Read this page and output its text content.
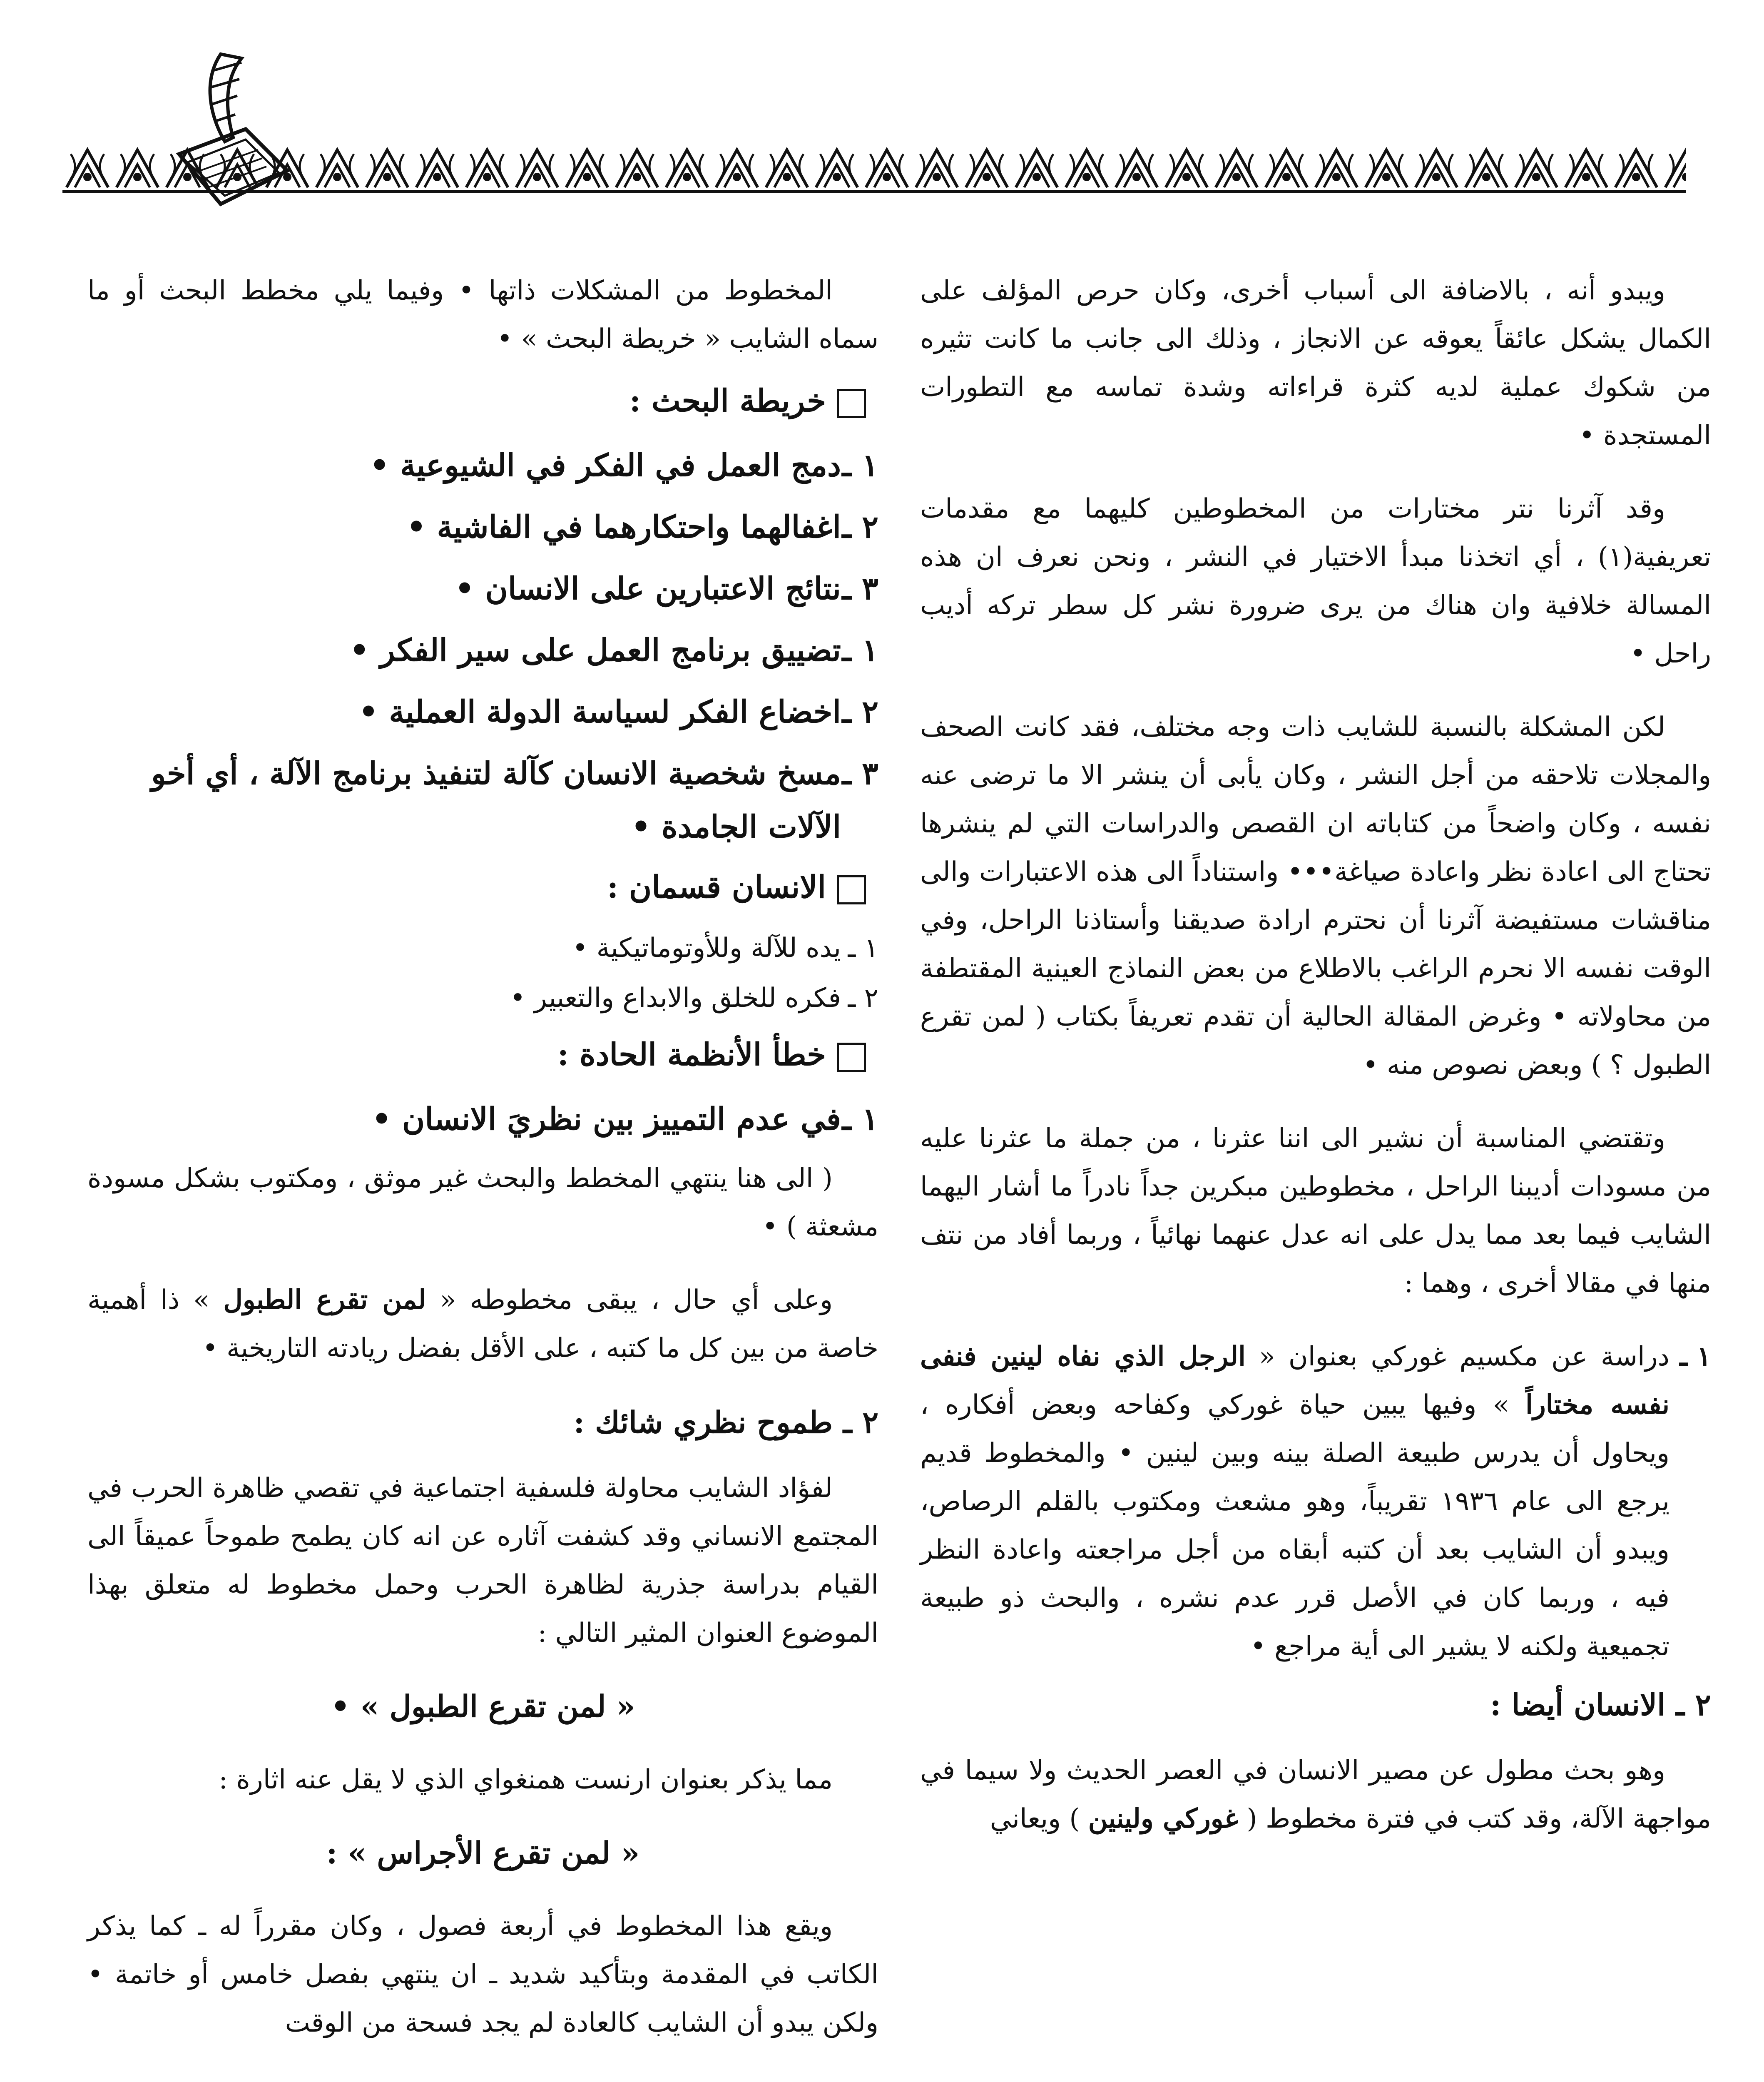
ويبدو أنه ، بالاضافة الى أسباب أخرى، وكان حرص المؤلف على الكمال يشكل عائقاً يعوقه عن الانجاز ، وذلك الى جانب ما كانت تثيره من شكوك عملية لديه كثرة قراءاته وشدة تماسه مع التطورات المستجدة •

وقد آثرنا نتر مختارات من المخطوطين كليهما مع مقدمات تعريفية(١) ، أي اتخذنا مبدأ الاختيار في النشر ، ونحن نعرف ان هذه المسالة خلافية وان هناك من يرى ضرورة نشر كل سطر تركه أديب راحل •

لكن المشكلة بالنسبة للشايب ذات وجه مختلف، فقد كانت الصحف والمجلات تلاحقه من أجل النشر ، وكان يأبى أن ينشر الا ما ترضى عنه نفسه ، وكان واضحاً من كتاباته ان القصص والدراسات التي لم ينشرها تحتاج الى اعادة نظر واعادة صياغة••• واستناداً الى هذه الاعتبارات والى مناقشات مستفيضة آثرنا أن نحترم ارادة صديقنا وأستاذنا الراحل، وفي الوقت نفسه الا نحرم الراغب بالاطلاع من بعض النماذج العينية المقتطفة من محاولاته • وغرض المقالة الحالية أن تقدم تعريفاً بكتاب ( لمن تقرع الطبول ؟ ) وبعض نصوص منه •

وتقتضي المناسبة أن نشير الى اننا عثرنا ، من جملة ما عثرنا عليه من مسودات أديبنا الراحل ، مخطوطين مبكرين جداً نادراً ما أشار اليهما الشايب فيما بعد مما يدل على انه عدل عنهما نهائياً ، وربما أفاد من نتف منها في مقالا أخرى ، وهما :

١ ـ
دراسة عن مكسيم غوركي بعنوان « الرجل الذي نفاه لينين فنفى نفسه مختاراً » وفيها يبين حياة غوركي وكفاحه وبعض أفكاره ، ويحاول أن يدرس طبيعة الصلة بينه وبين لينين • والمخطوط قديم يرجع الى عام ١٩٣٦ تقريباً، وهو مشعث ومكتوب بالقلم الرصاص، ويبدو أن الشايب بعد أن كتبه أبقاه من أجل مراجعته واعادة النظر فيه ، وربما كان في الأصل قرر عدم نشره ، والبحث ذو طبيعة تجميعية ولكنه لا يشير الى أية مراجع •
٢ ـ الانسان أيضا :

وهو بحث مطول عن مصير الانسان في العصر الحديث ولا سيما في مواجهة الآلة، وقد كتب في فترة مخطوط ( غوركي ولينين ) ويعاني

المخطوط من المشكلات ذاتها • وفيما يلي مخطط البحث أو ما سماه الشايب « خريطة البحث » •

خريطة البحث :
١ ـ
دمج العمل في الفكر في الشيوعية •
٢ ـ
اغفالهما واحتكارهما في الفاشية •
٣ ـ
نتائج الاعتبارين على الانسان •
١ ـ
تضييق برنامج العمل على سير الفكر •
٢ ـ
اخضاع الفكر لسياسة الدولة العملية •
٣ ـ
مسخ شخصية الانسان كآلة لتنفيذ برنامج الآلة ، أي أخو الآلات الجامدة •
الانسان قسمان :
١ ـ
يده للآلة وللأوتوماتيكية •
٢ ـ
فكره للخلق والابداع والتعبير •
خطأ الأنظمة الحادة :
١ ـ
في عدم التمييز بين نظريَ الانسان •

( الى هنا ينتهي المخطط والبحث غير موثق ، ومكتوب بشكل مسودة مشعثة ) •

وعلى أي حال ، يبقى مخطوطه « لمن تقرع الطبول » ذا أهمية خاصة من بين كل ما كتبه ، على الأقل بفضل ريادته التاريخية •

٢ ـ طموح نظري شائك :

لفؤاد الشايب محاولة فلسفية اجتماعية في تقصي ظاهرة الحرب في المجتمع الانساني وقد كشفت آثاره عن انه كان يطمح طموحاً عميقاً الى القيام بدراسة جذرية لظاهرة الحرب وحمل مخطوط له متعلق بهذا الموضوع العنوان المثير التالي :

« لمن تقرع الطبول » •

مما يذكر بعنوان ارنست همنغواي الذي لا يقل عنه اثارة :

« لمن تقرع الأجراس » :

ويقع هذا المخطوط في أربعة فصول ، وكان مقرراً له ـ كما يذكر الكاتب في المقدمة وبتأكيد شديد ـ ان ينتهي بفصل خامس أو خاتمة • ولكن يبدو أن الشايب كالعادة لم يجد فسحة من الوقت
